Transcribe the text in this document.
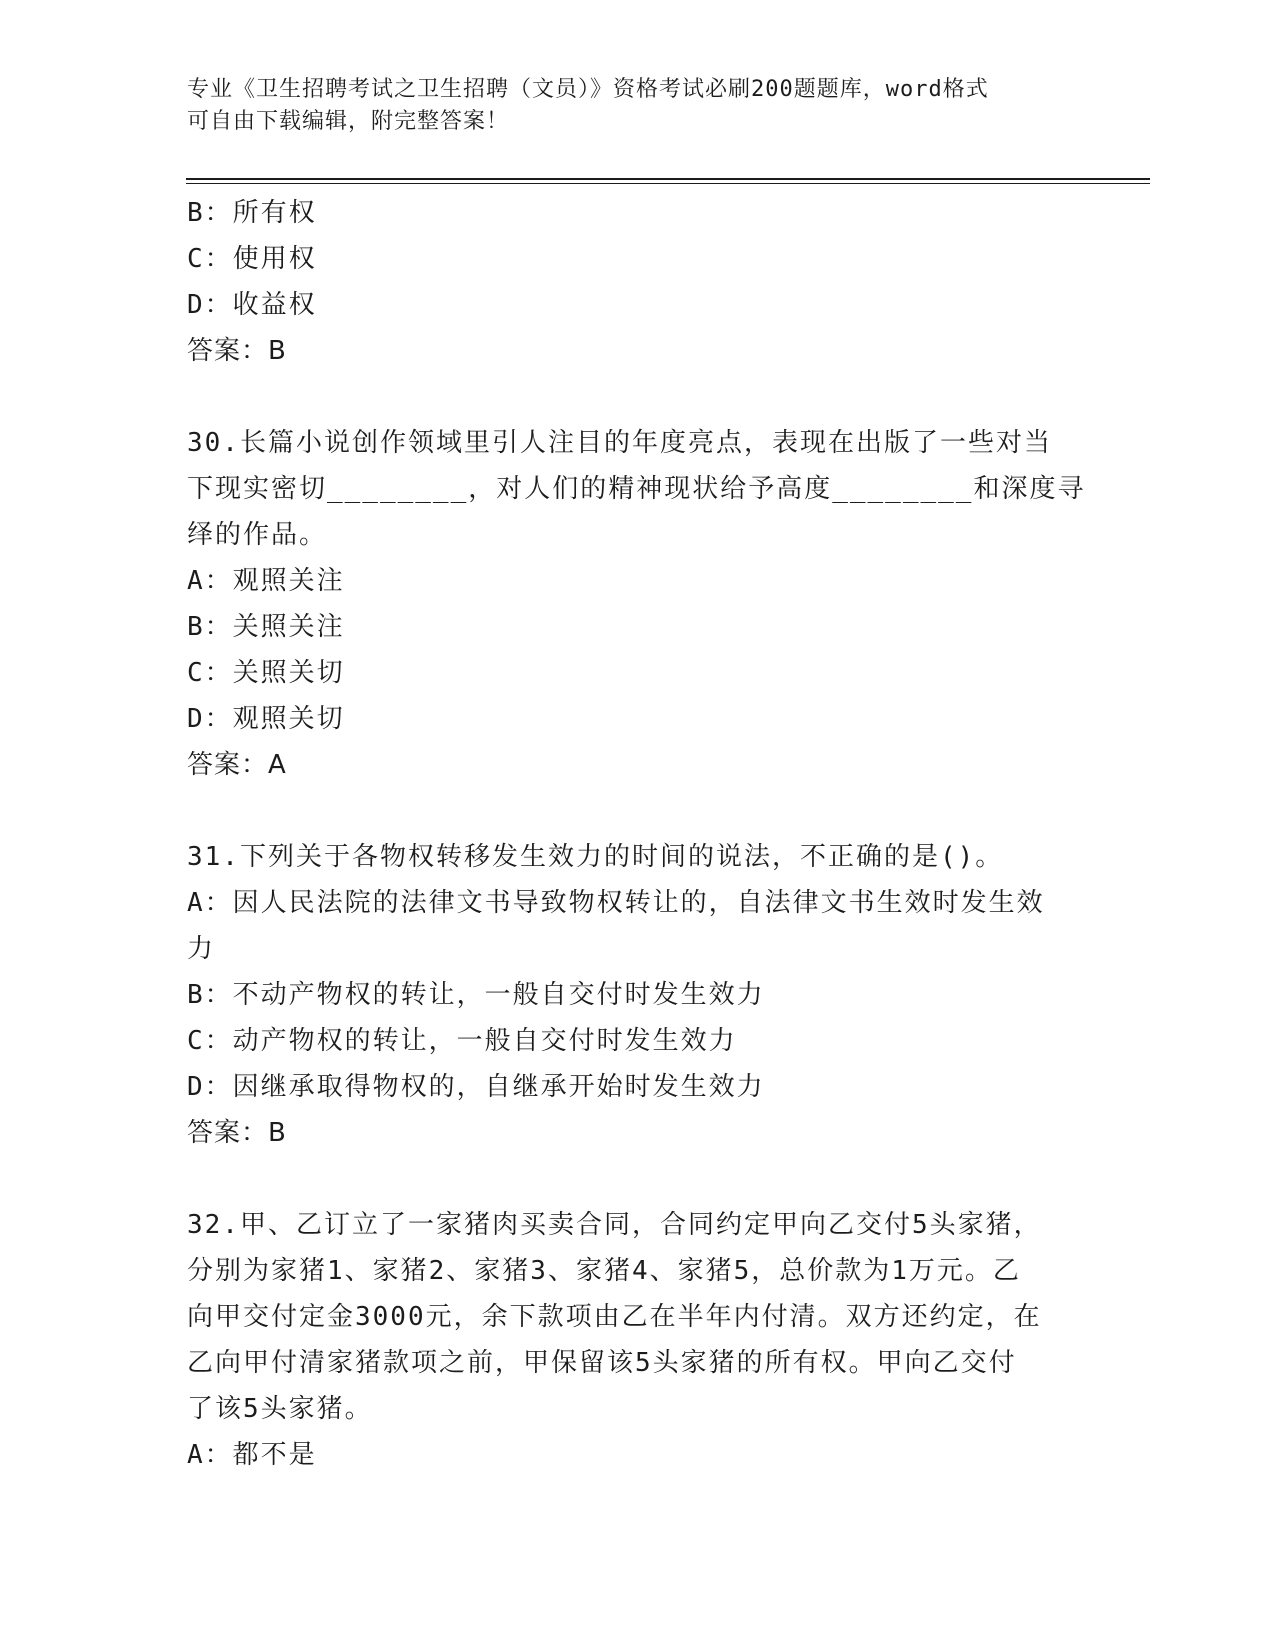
专业《卫生招聘考试之卫生招聘（文员）》资格考试必刷200题题库，word格式
可自由下载编辑，附完整答案！
B：所有权
C：使用权
D：收益权
答案：B
30.长篇小说创作领域里引人注目的年度亮点，表现在出版了一些对当
下现实密切________，对人们的精神现状给予高度________和深度寻
绎的作品。
A：观照关注
B：关照关注
C：关照关切
D：观照关切
答案：A
31.下列关于各物权转移发生效力的时间的说法，不正确的是()。
A：因人民法院的法律文书导致物权转让的，自法律文书生效时发生效
力
B：不动产物权的转让，一般自交付时发生效力
C：动产物权的转让，一般自交付时发生效力
D：因继承取得物权的，自继承开始时发生效力
答案：B
32.甲、乙订立了一家猪肉买卖合同，合同约定甲向乙交付5头家猪，
分别为家猪1、家猪2、家猪3、家猪4、家猪5，总价款为1万元。乙
向甲交付定金3000元，余下款项由乙在半年内付清。双方还约定，在
乙向甲付清家猪款项之前，甲保留该5头家猪的所有权。甲向乙交付
了该5头家猪。
A：都不是
